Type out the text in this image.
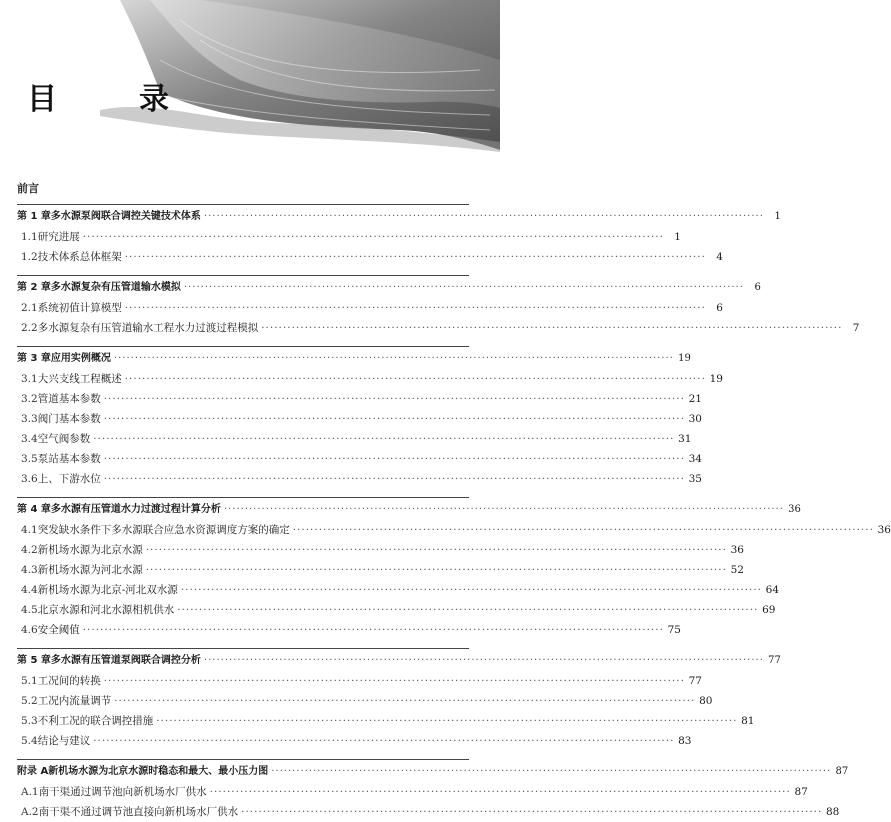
目　录
前言
第 1 章 多水源泵阀联合调控关键技术体系 ·····	1
1.1 研究进展 ·····	1
1.2 技术体系总体框架 ·····	4
第 2 章 多水源复杂有压管道输水模拟 ·····	6
2.1 系统初值计算模型 ·····	6
2.2 多水源复杂有压管道输水工程水力过渡过程模拟 ·····	7
第 3 章 应用实例概况 ·····	19
3.1 大兴支线工程概述 ·····	19
3.2 管道基本参数 ·····	21
3.3 阀门基本参数 ·····	30
3.4 空气阀参数 ·····	31
3.5 泵站基本参数 ·····	34
3.6 上、下游水位 ·····	35
第 4 章 多水源有压管道水力过渡过程计算分析 ·····	36
4.1 突发缺水条件下多水源联合应急水资源调度方案的确定 ·····	36
4.2 新机场水源为北京水源 ·····	36
4.3 新机场水源为河北水源 ·····	52
4.4 新机场水源为北京-河北双水源 ·····	64
4.5 北京水源和河北水源相机供水 ·····	69
4.6 安全阈值 ·····	75
第 5 章 多水源有压管道泵阀联合调控分析 ·····	77
5.1 工况间的转换 ·····	77
5.2 工况内流量调节 ·····	80
5.3 不利工况的联合调控措施 ·····	81
5.4 结论与建议 ·····	83
附录 A 新机场水源为北京水源时稳态和最大、最小压力图 ·····	87
A.1 南干渠通过调节池向新机场水厂供水 ·····	87
A.2 南干渠不通过调节池直接向新机场水厂供水 ·····	88
